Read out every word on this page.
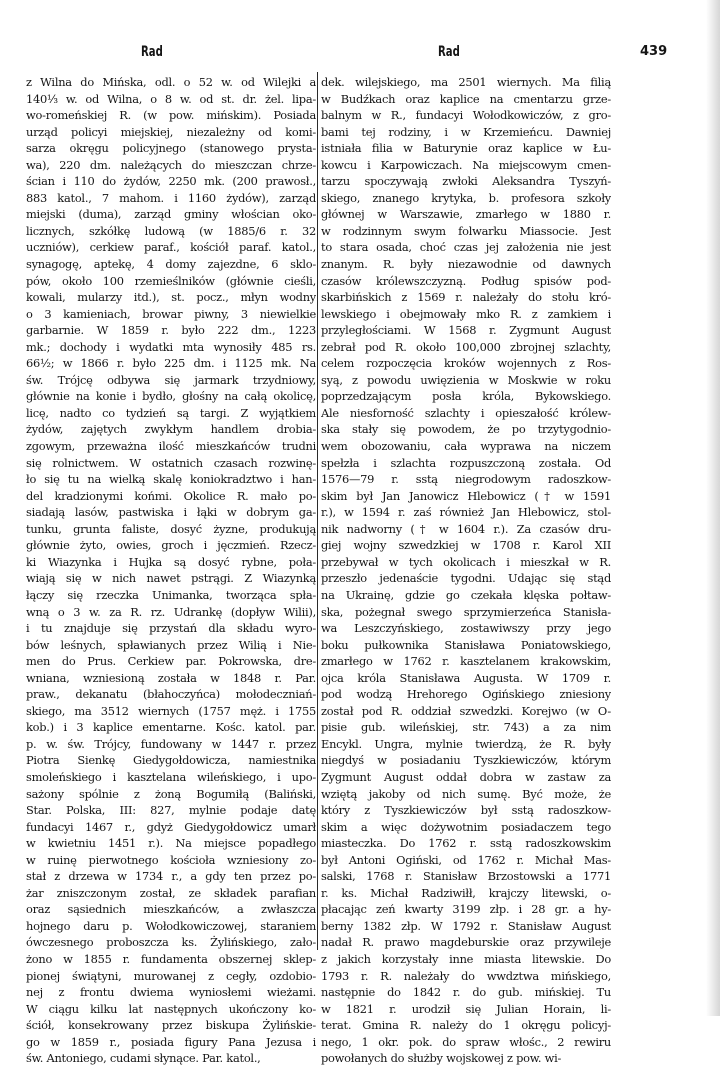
Rad	Rad	439
z Wilna do Mińska, odl. o 52 w. od Wilejki a
140⅓ w. od Wilna, o 8 w. od st. dr. żel. lipa-
wo-romeńskiej R. (w pow. mińskim). Posiada
urząd policyi miejskiej, niezależny od komi-
sarza okręgu policyjnego (stanowego prysta-
wa), 220 dm. należących do mieszczan chrze-
ścian i 110 do żydów, 2250 mk. (200 prawosł.,
883 katol., 7 mahom. i 1160 żydów), zarząd
miejski (duma), zarząd gminy włościan oko-
licznych, szkółkę ludową (w 1885/6 r. 32
uczniów), cerkiew paraf., kościół paraf. katol.,
synagogę, aptekę, 4 domy zajezdne, 6 sklo-
pów, około 100 rzemieślników (głównie cieśli,
kowali, mularzy itd.), st. pocz., młyn wodny
o 3 kamieniach, browar piwny, 3 niewielkie
garbarnie. W 1859 r. było 222 dm., 1223
mk.; dochody i wydatki mta wynosiły 485 rs.
66½; w 1866 r. było 225 dm. i 1125 mk. Na
św. Trójcę odbywa się jarmark trzydniowy,
głównie na konie i bydło, głośny na całą okolicę,
licę, nadto co tydzień są targi. Z wyjątkiem
żydów, zajętych zwykłym handlem drobia-
zgowym, przeważna ilość mieszkańców trudni
się rolnictwem. W ostatnich czasach rozwinę-
ło się tu na wielką skalę koniokradztwo i han-
del kradzionymi końmi. Okolice R. mało po-
siadają lasów, pastwiska i łąki w dobrym ga-
tunku, grunta faliste, dosyć żyzne, produkują
głównie żyto, owies, groch i jęczmień. Rzecz-
ki Wiazynka i Hujka są dosyć rybne, poła-
wiają się w nich nawet pstrągi. Z Wiazynką
łączy się rzeczka Unimanka, tworząca spła-
wną o 3 w. za R. rz. Udrankę (dopływ Wilii),
i tu znajduje się przystań dla składu wyro-
bów leśnych, spławianych przez Wilią i Nie-
men do Prus. Cerkiew par. Pokrowska, dre-
wniana, wzniesioną została w 1848 r. Par.
praw., dekanatu (błahoczyńca) mołodeczniań-
skiego, ma 3512 wiernych (1757 męż. i 1755
kob.) i 3 kaplice ementarne. Kośc. katol. par.
p. w. św. Trójcy, fundowany w 1447 r. przez
Piotra Sienkę Giedygołdowicza, namiestnika
smoleńskiego i kasztelana wileńskiego, i upo-
sażony spólnie z żoną Bogumiłą (Baliński,
Star. Polska, III: 827, mylnie podaje datę
fundacyi 1467 r., gdyż Giedygołdowicz umarł
w kwietniu 1451 r.). Na miejsce popadłego
w ruinę pierwotnego kościoła wzniesiony zo-
stał z drzewa w 1734 r., a gdy ten przez po-
żar zniszczonym został, ze składek parafian
oraz sąsiednich mieszkańców, a zwłaszcza
hojnego daru p. Wołodkowiczowej, staraniem
ówczesnego proboszcza ks. Żylińskiego, zało-
żono w 1855 r. fundamenta obszernej sklep-
pionej świątyni, murowanej z cegły, ozdobio-
nej z frontu dwiema wyniosłemi wieżami.
W ciągu kilku lat następnych ukończony ko-
ściół, konsekrowany przez biskupa Żylińskie-
go w 1859 r., posiada figury Pana Jezusa i
św. Antoniego, cudami słynące. Par. katol.,
dek. wilejskiego, ma 2501 wiernych. Ma filią
w Budźkach oraz kaplice na cmentarzu grze-
balnym w R., fundacyi Wołodkowiczów, z gro-
bami tej rodziny, i w Krzemieńcu. Dawniej
istniała filia w Baturynie oraz kaplice w Łu-
kowcu i Karpowiczach. Na miejscowym cmen-
tarzu spoczywają zwłoki Aleksandra Tyszyń-
skiego, znanego krytyka, b. profesora szkoły
głównej w Warszawie, zmarłego w 1880 r.
w rodzinnym swym folwarku Miassocie. Jest
to stara osada, choć czas jej założenia nie jest
znanym. R. były niezawodnie od dawnych
czasów królewszczyzną. Podług spisów pod-
skarbińskich z 1569 r. należały do stołu kró-
lewskiego i obejmowały mko R. z zamkiem i
przyległościami. W 1568 r. Zygmunt August
zebrał pod R. około 100,000 zbrojnej szlachty,
celem rozpoczęcia kroków wojennych z Ros-
syą, z powodu uwięzienia w Moskwie w roku
poprzedzającym posła króla, Bykowskiego.
Ale niesforność szlachty i opieszałość królew-
ska stały się powodem, że po trzytygodnio-
wem obozowaniu, cała wyprawa na niczem
spełzła i szlachta rozpuszczoną została. Od
1576—79 r. sstą niegrodowym radoszkow-
skim był Jan Janowicz Hlebowicz († w 1591
r.), w 1594 r. zaś również Jan Hlebowicz, stol-
nik nadworny († w 1604 r.). Za czasów dru-
giej wojny szwedzkiej w 1708 r. Karol XII
przebywał w tych okolicach i mieszkał w R.
przeszło jedenaście tygodni. Udając się stąd
na Ukrainę, gdzie go czekała klęska połtaw-
ska, pożegnał swego sprzymierzeńca Stanisła-
wa Leszczyńskiego, zostawiwszy przy jego
boku pułkownika Stanisława Poniatowskiego,
zmarłego w 1762 r. kasztelanem krakowskim,
ojca króla Stanisława Augusta. W 1709 r.
pod wodzą Hrehorego Ogińskiego zniesiony
został pod R. oddział szwedzki. Korejwo (w O-
pisie gub. wileńskiej, str. 743) a za nim
Encykl. Ungra, mylnie twierdzą, że R. były
niegdyś w posiadaniu Tyszkiewiczów, którym
Zygmunt August oddał dobra w zastaw za
wziętą jakoby od nich sumę. Być może, że
który z Tyszkiewiczów był sstą radoszkow-
skim a więc dożywotnim posiadaczem tego
miasteczka. Do 1762 r. sstą radoszkowskim
był Antoni Ogiński, od 1762 r. Michał Mas-
salski, 1768 r. Stanisław Brzostowski a 1771
r. ks. Michał Radziwiłł, krajczy litewski, o-
płacając zeń kwarty 3199 złp. i 28 gr. a hy-
berny 1382 złp. W 1792 r. Stanisław August
nadał R. prawo magdeburskie oraz przywileje
z jakich korzystały inne miasta litewskie. Do
1793 r. R. należały do wwdztwa mińskiego,
następnie do 1842 r. do gub. mińskiej. Tu
w 1821 r. urodził się Julian Horain, li-
terat. Gmina R. należy do 1 okręgu policyj-
nego, 1 okr. pok. do spraw włośc., 2 rewiru
powołanych do służby wojskowej z pow. wi-
